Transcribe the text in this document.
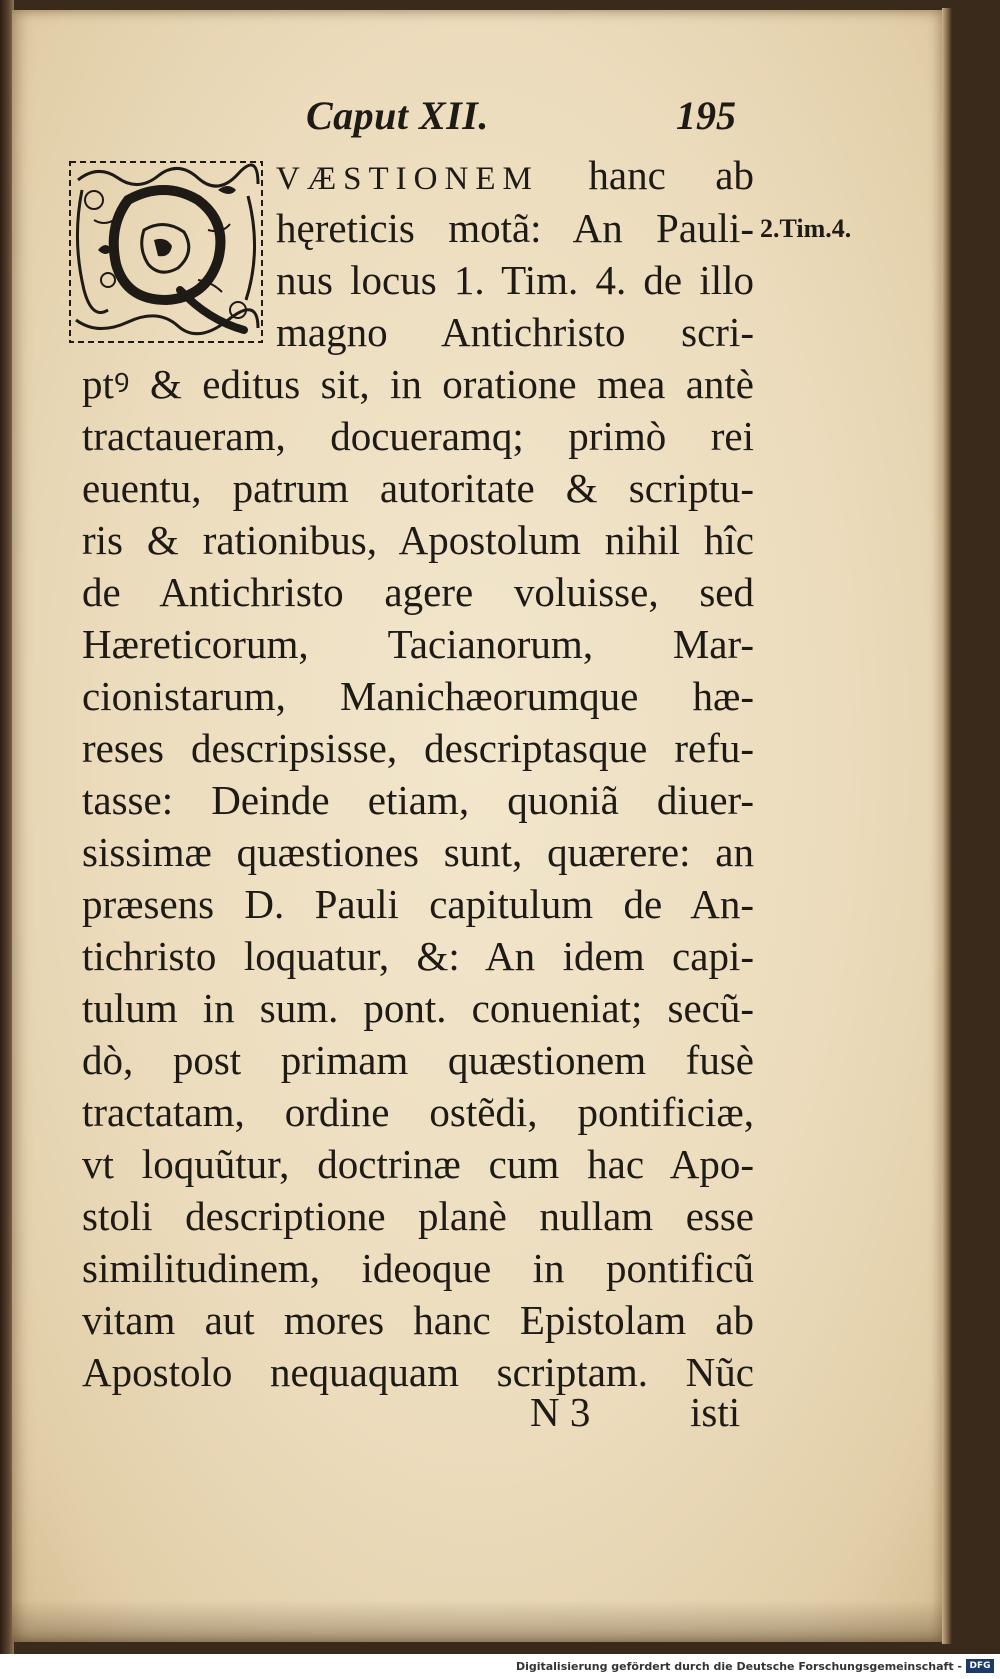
Caput XII.	195
VÆSTIONEM hanc ab
hęreticis motã: An Pauli-
nus locus 1. Tim. 4. de illo
magno Antichristo scri-
ptꝰ & editus sit, in oratione mea antè
tractaueram, docueramq; primò rei
euentu, patrum autoritate & scriptu-
ris & rationibus, Apostolum nihil hîc
de Antichristo agere voluisse, sed
Hæreticorum, Tacianorum, Mar-
cionistarum, Manichæorumque hæ-
reses descripsisse, descriptasque refu-
tasse: Deinde etiam, quoniã diuer-
sissimæ quæstiones sunt, quærere: an
præsens D. Pauli capitulum de An-
tichristo loquatur, &: An idem capi-
tulum in sum. pont. conueniat; secũ-
dò, post primam quæstionem fusè
tractatam, ordine ostẽdi, pontificiæ,
vt loquũtur, doctrinæ cum hac Apo-
stoli descriptione planè nullam esse
similitudinem, ideoque in pontificũ
vitam aut mores hanc Epistolam ab
Apostolo nequaquam scriptam. Nũc
2.Tim.4.
N 3 isti
Digitalisierung gefördert durch die Deutsche Forschungsgemeinschaft - DFG
